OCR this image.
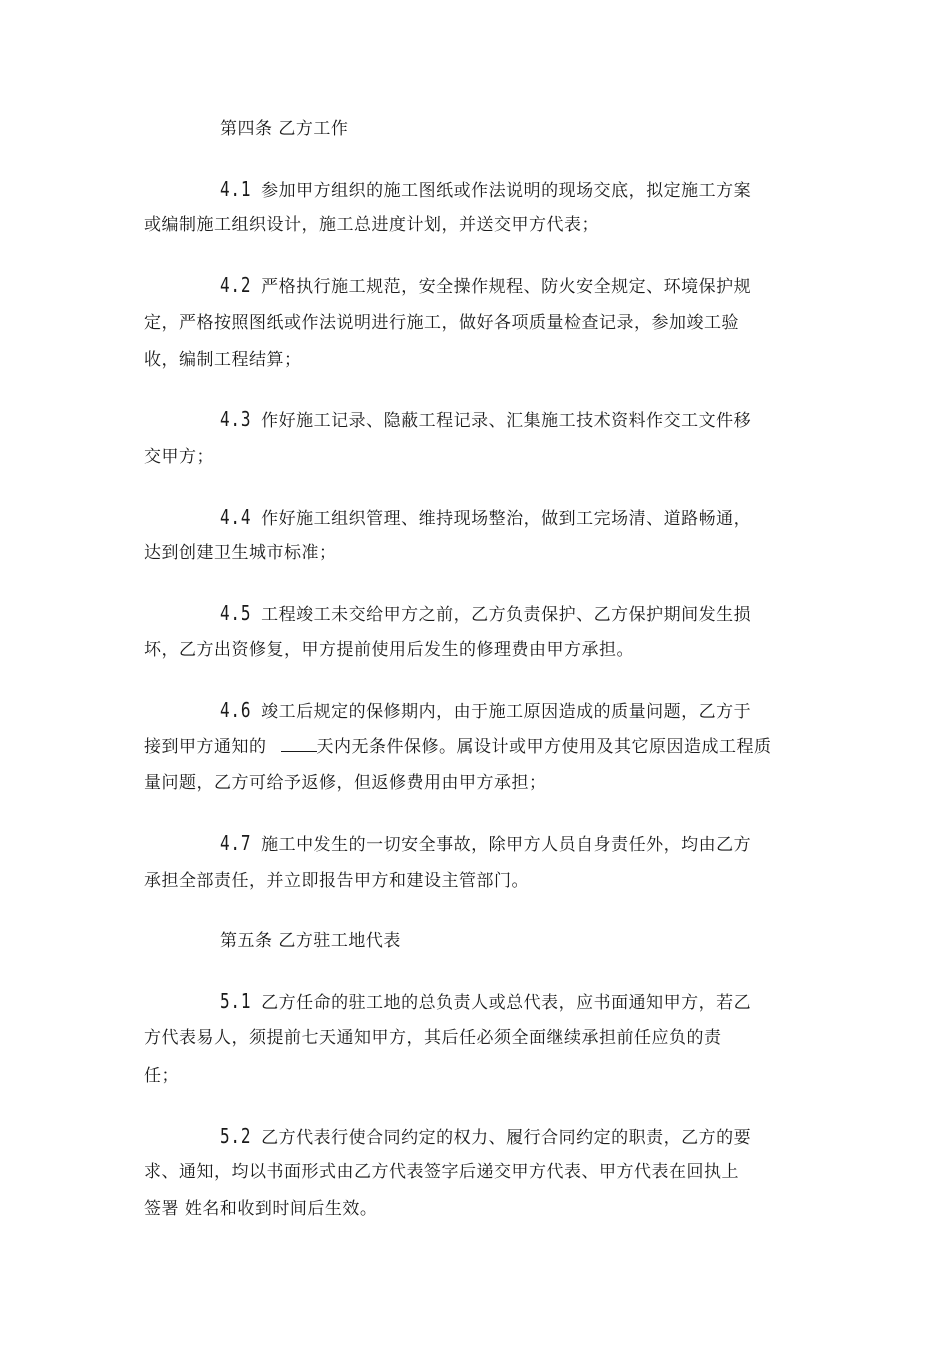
第四条 乙方工作
4.1 参加甲方组织的施工图纸或作法说明的现场交底，拟定施工方案
或编制施工组织设计，施工总进度计划，并送交甲方代表；
4.2 严格执行施工规范，安全操作规程、防火安全规定、环境保护规
定，严格按照图纸或作法说明进行施工，做好各项质量检查记录，参加竣工验
收，编制工程结算；
4.3 作好施工记录、隐蔽工程记录、汇集施工技术资料作交工文件移
交甲方；
4.4 作好施工组织管理、维持现场整治，做到工完场清、道路畅通，
达到创建卫生城市标准；
4.5 工程竣工未交给甲方之前，乙方负责保护、乙方保护期间发生损
坏，乙方出资修复，甲方提前使用后发生的修理费由甲方承担。
4.6 竣工后规定的保修期内，由于施工原因造成的质量问题，乙方于
接到甲方通知的	天内无条件保修。属设计或甲方使用及其它原因造成工程质
量问题，乙方可给予返修，但返修费用由甲方承担；
4.7 施工中发生的一切安全事故，除甲方人员自身责任外，均由乙方
承担全部责任，并立即报告甲方和建设主管部门。
第五条 乙方驻工地代表
5.1 乙方任命的驻工地的总负责人或总代表，应书面通知甲方，若乙
方代表易人，须提前七天通知甲方，其后任必须全面继续承担前任应负的责
任；
5.2 乙方代表行使合同约定的权力、履行合同约定的职责，乙方的要
求、通知，均以书面形式由乙方代表签字后递交甲方代表、甲方代表在回执上
签署 姓名和收到时间后生效。
